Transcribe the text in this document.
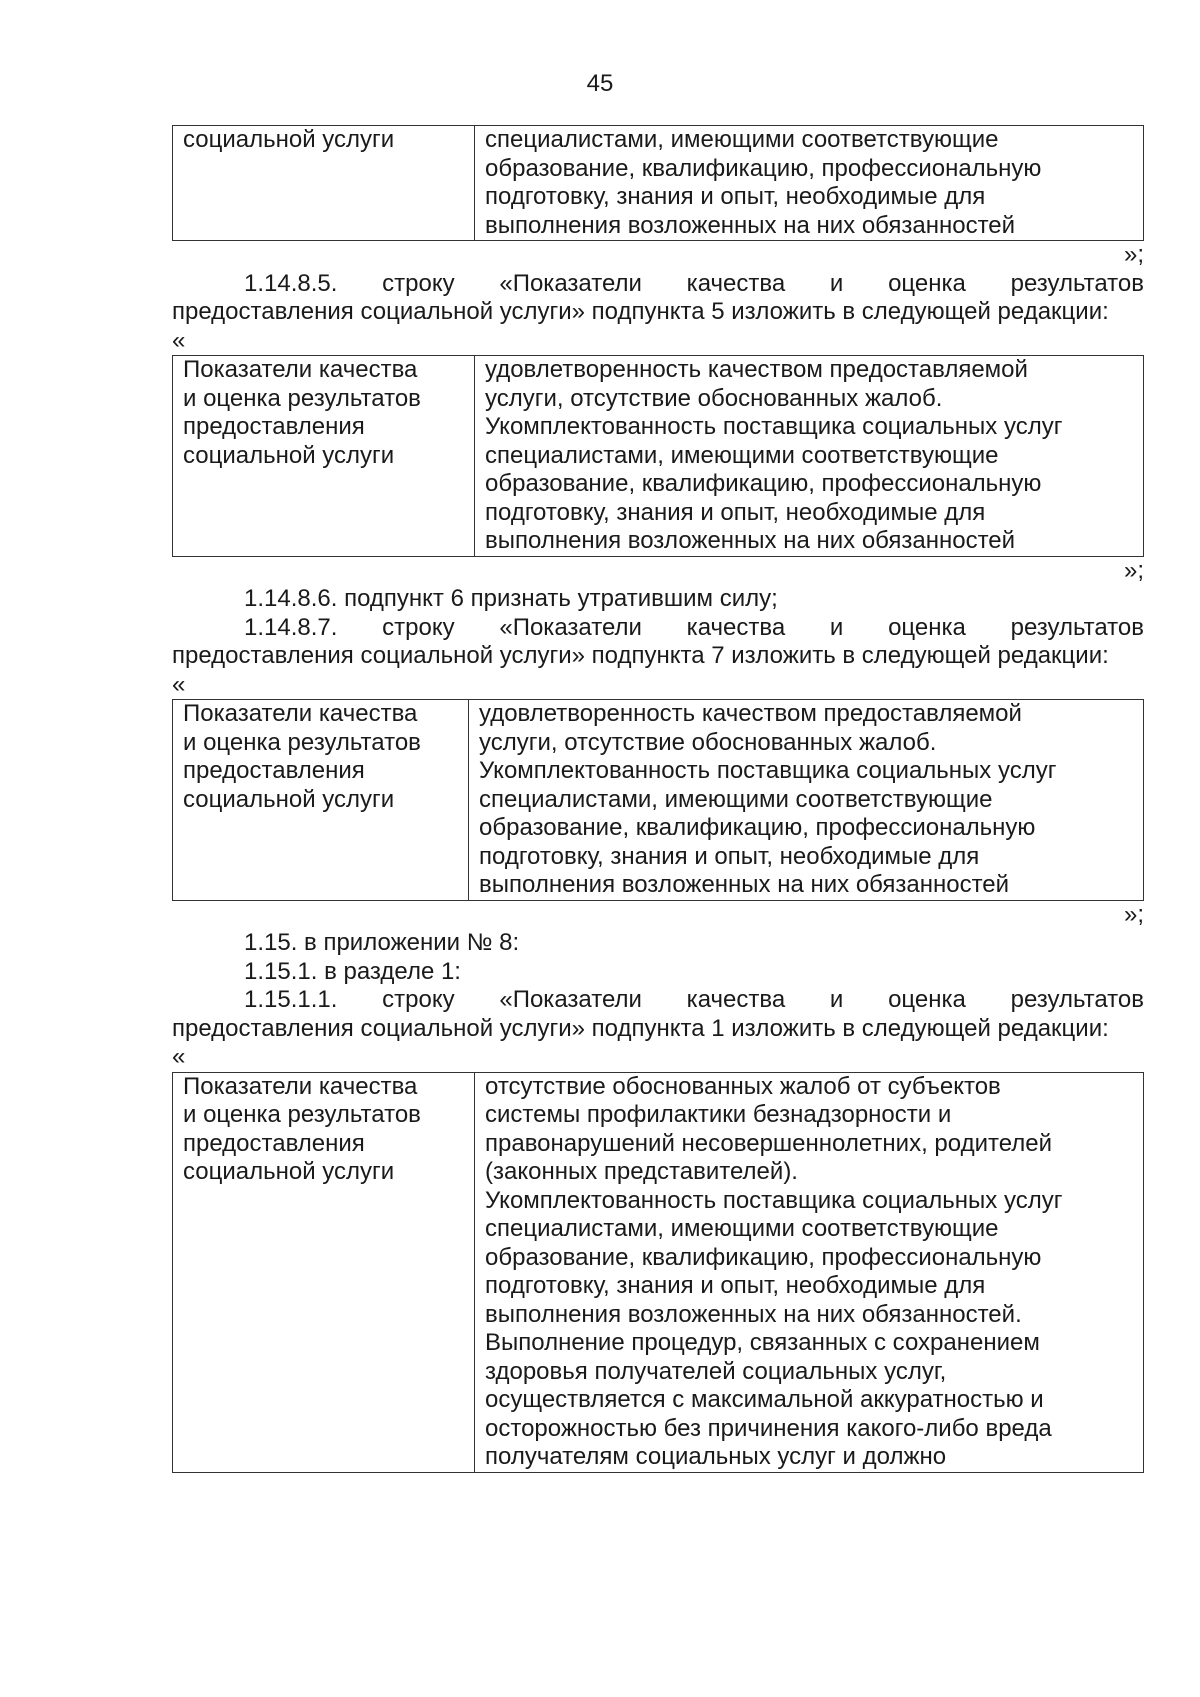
45
социальной услуги	специалистами, имеющими соответствующие
образование, квалификацию, профессиональную
подготовку, знания и опыт, необходимые для
выполнения возложенных на них обязанностей
»;

1.14.8.5. строку «Показатели качества и оценка результатов

предоставления социальной услуги» подпункта 5 изложить в следующей редакции:

«
Показатели качества
и оценка результатов
предоставления
социальной услуги	удовлетворенность качеством предоставляемой
услуги, отсутствие обоснованных жалоб.
Укомплектованность поставщика социальных услуг
специалистами, имеющими соответствующие
образование, квалификацию, профессиональную
подготовку, знания и опыт, необходимые для
выполнения возложенных на них обязанностей
»;

1.14.8.6. подпункт 6 признать утратившим силу;

1.14.8.7. строку «Показатели качества и оценка результатов

предоставления социальной услуги» подпункта 7 изложить в следующей редакции:

«
Показатели качества
и оценка результатов
предоставления
социальной услуги	удовлетворенность качеством предоставляемой
услуги, отсутствие обоснованных жалоб.
Укомплектованность поставщика социальных услуг
специалистами, имеющими соответствующие
образование, квалификацию, профессиональную
подготовку, знания и опыт, необходимые для
выполнения возложенных на них обязанностей
»;

1.15. в приложении № 8:

1.15.1. в разделе 1:

1.15.1.1. строку «Показатели качества и оценка результатов

предоставления социальной услуги» подпункта 1 изложить в следующей редакции:

«
Показатели качества
и оценка результатов
предоставления
социальной услуги	отсутствие обоснованных жалоб от субъектов
системы профилактики безнадзорности и
правонарушений несовершеннолетних, родителей
(законных представителей).
Укомплектованность поставщика социальных услуг
специалистами, имеющими соответствующие
образование, квалификацию, профессиональную
подготовку, знания и опыт, необходимые для
выполнения возложенных на них обязанностей.
Выполнение процедур, связанных с сохранением
здоровья получателей социальных услуг,
осуществляется с максимальной аккуратностью и
осторожностью без причинения какого-либо вреда
получателям социальных услуг и должно
